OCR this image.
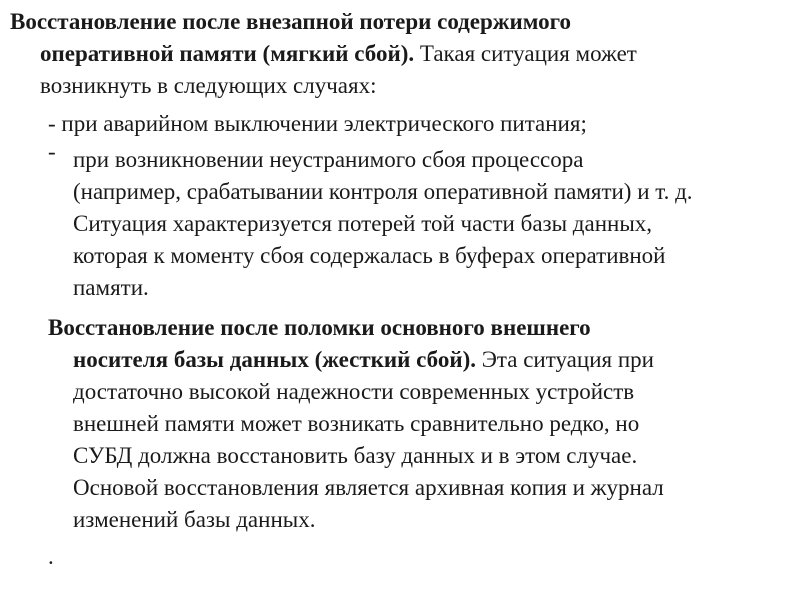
Восстановление после внезапной потери содержимого
оперативной памяти (мягкий сбой). Такая ситуация может
возникнуть в следующих случаях:

- при аварийном выключении электрического питания;
- при возникновении неустранимого сбоя процессора
(например, срабатывании контроля оперативной памяти) и т. д.
Ситуация характеризуется потерей той части базы данных,
которая к моменту сбоя содержалась в буферах оперативной
памяти.

Восстановление после поломки основного внешнего
носителя базы данных (жесткий сбой). Эта ситуация при
достаточно высокой надежности современных устройств
внешней памяти может возникать сравнительно редко, но
СУБД должна восстановить базу данных и в этом случае.
Основой восстановления является архивная копия и журнал
изменений базы данных.

.
